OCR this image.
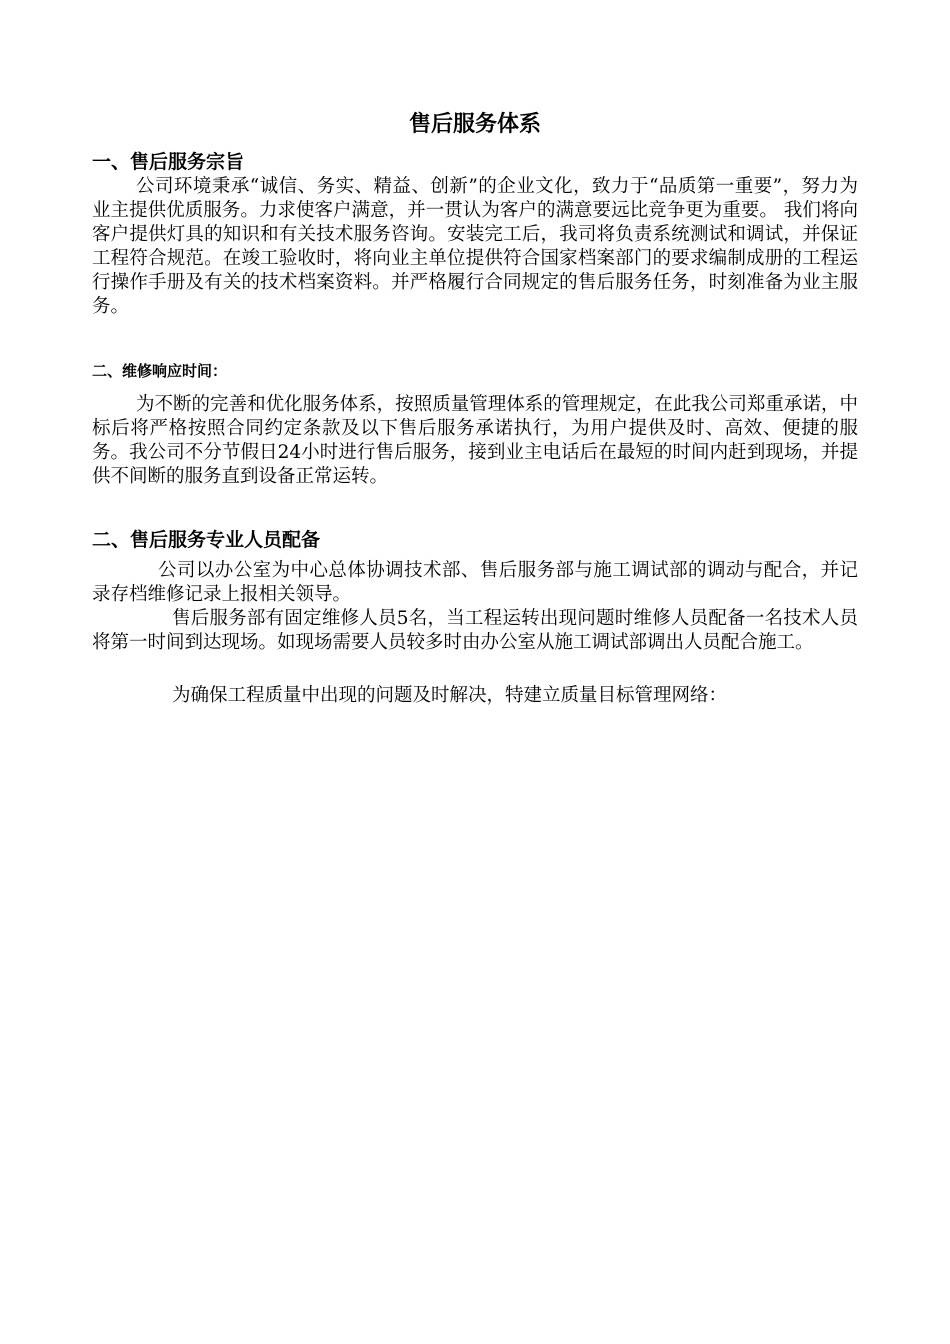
售后服务体系
一、售后服务宗旨

公司环境秉承“诚信、务实、精益、创新”的企业文化，致力于“品质第一重要”，努力为业主提供优质服务。力求使客户满意，并一贯认为客户的满意要远比竞争更为重要。 我们将向客户提供灯具的知识和有关技术服务咨询。安装完工后，我司将负责系统测试和调试，并保证工程符合规范。在竣工验收时，将向业主单位提供符合国家档案部门的要求编制成册的工程运行操作手册及有关的技术档案资料。并严格履行合同规定的售后服务任务，时刻准备为业主服务。

二、维修响应时间：

为不断的完善和优化服务体系，按照质量管理体系的管理规定，在此我公司郑重承诺，中标后将严格按照合同约定条款及以下售后服务承诺执行，为用户提供及时、高效、便捷的服务。我公司不分节假日24小时进行售后服务，接到业主电话后在最短的时间内赶到现场，并提供不间断的服务直到设备正常运转。

二、售后服务专业人员配备

公司以办公室为中心总体协调技术部、售后服务部与施工调试部的调动与配合，并记录存档维修记录上报相关领导。

售后服务部有固定维修人员5名，当工程运转出现问题时维修人员配备一名技术人员将第一时间到达现场。如现场需要人员较多时由办公室从施工调试部调出人员配合施工。

为确保工程质量中出现的问题及时解决，特建立质量目标管理网络：
